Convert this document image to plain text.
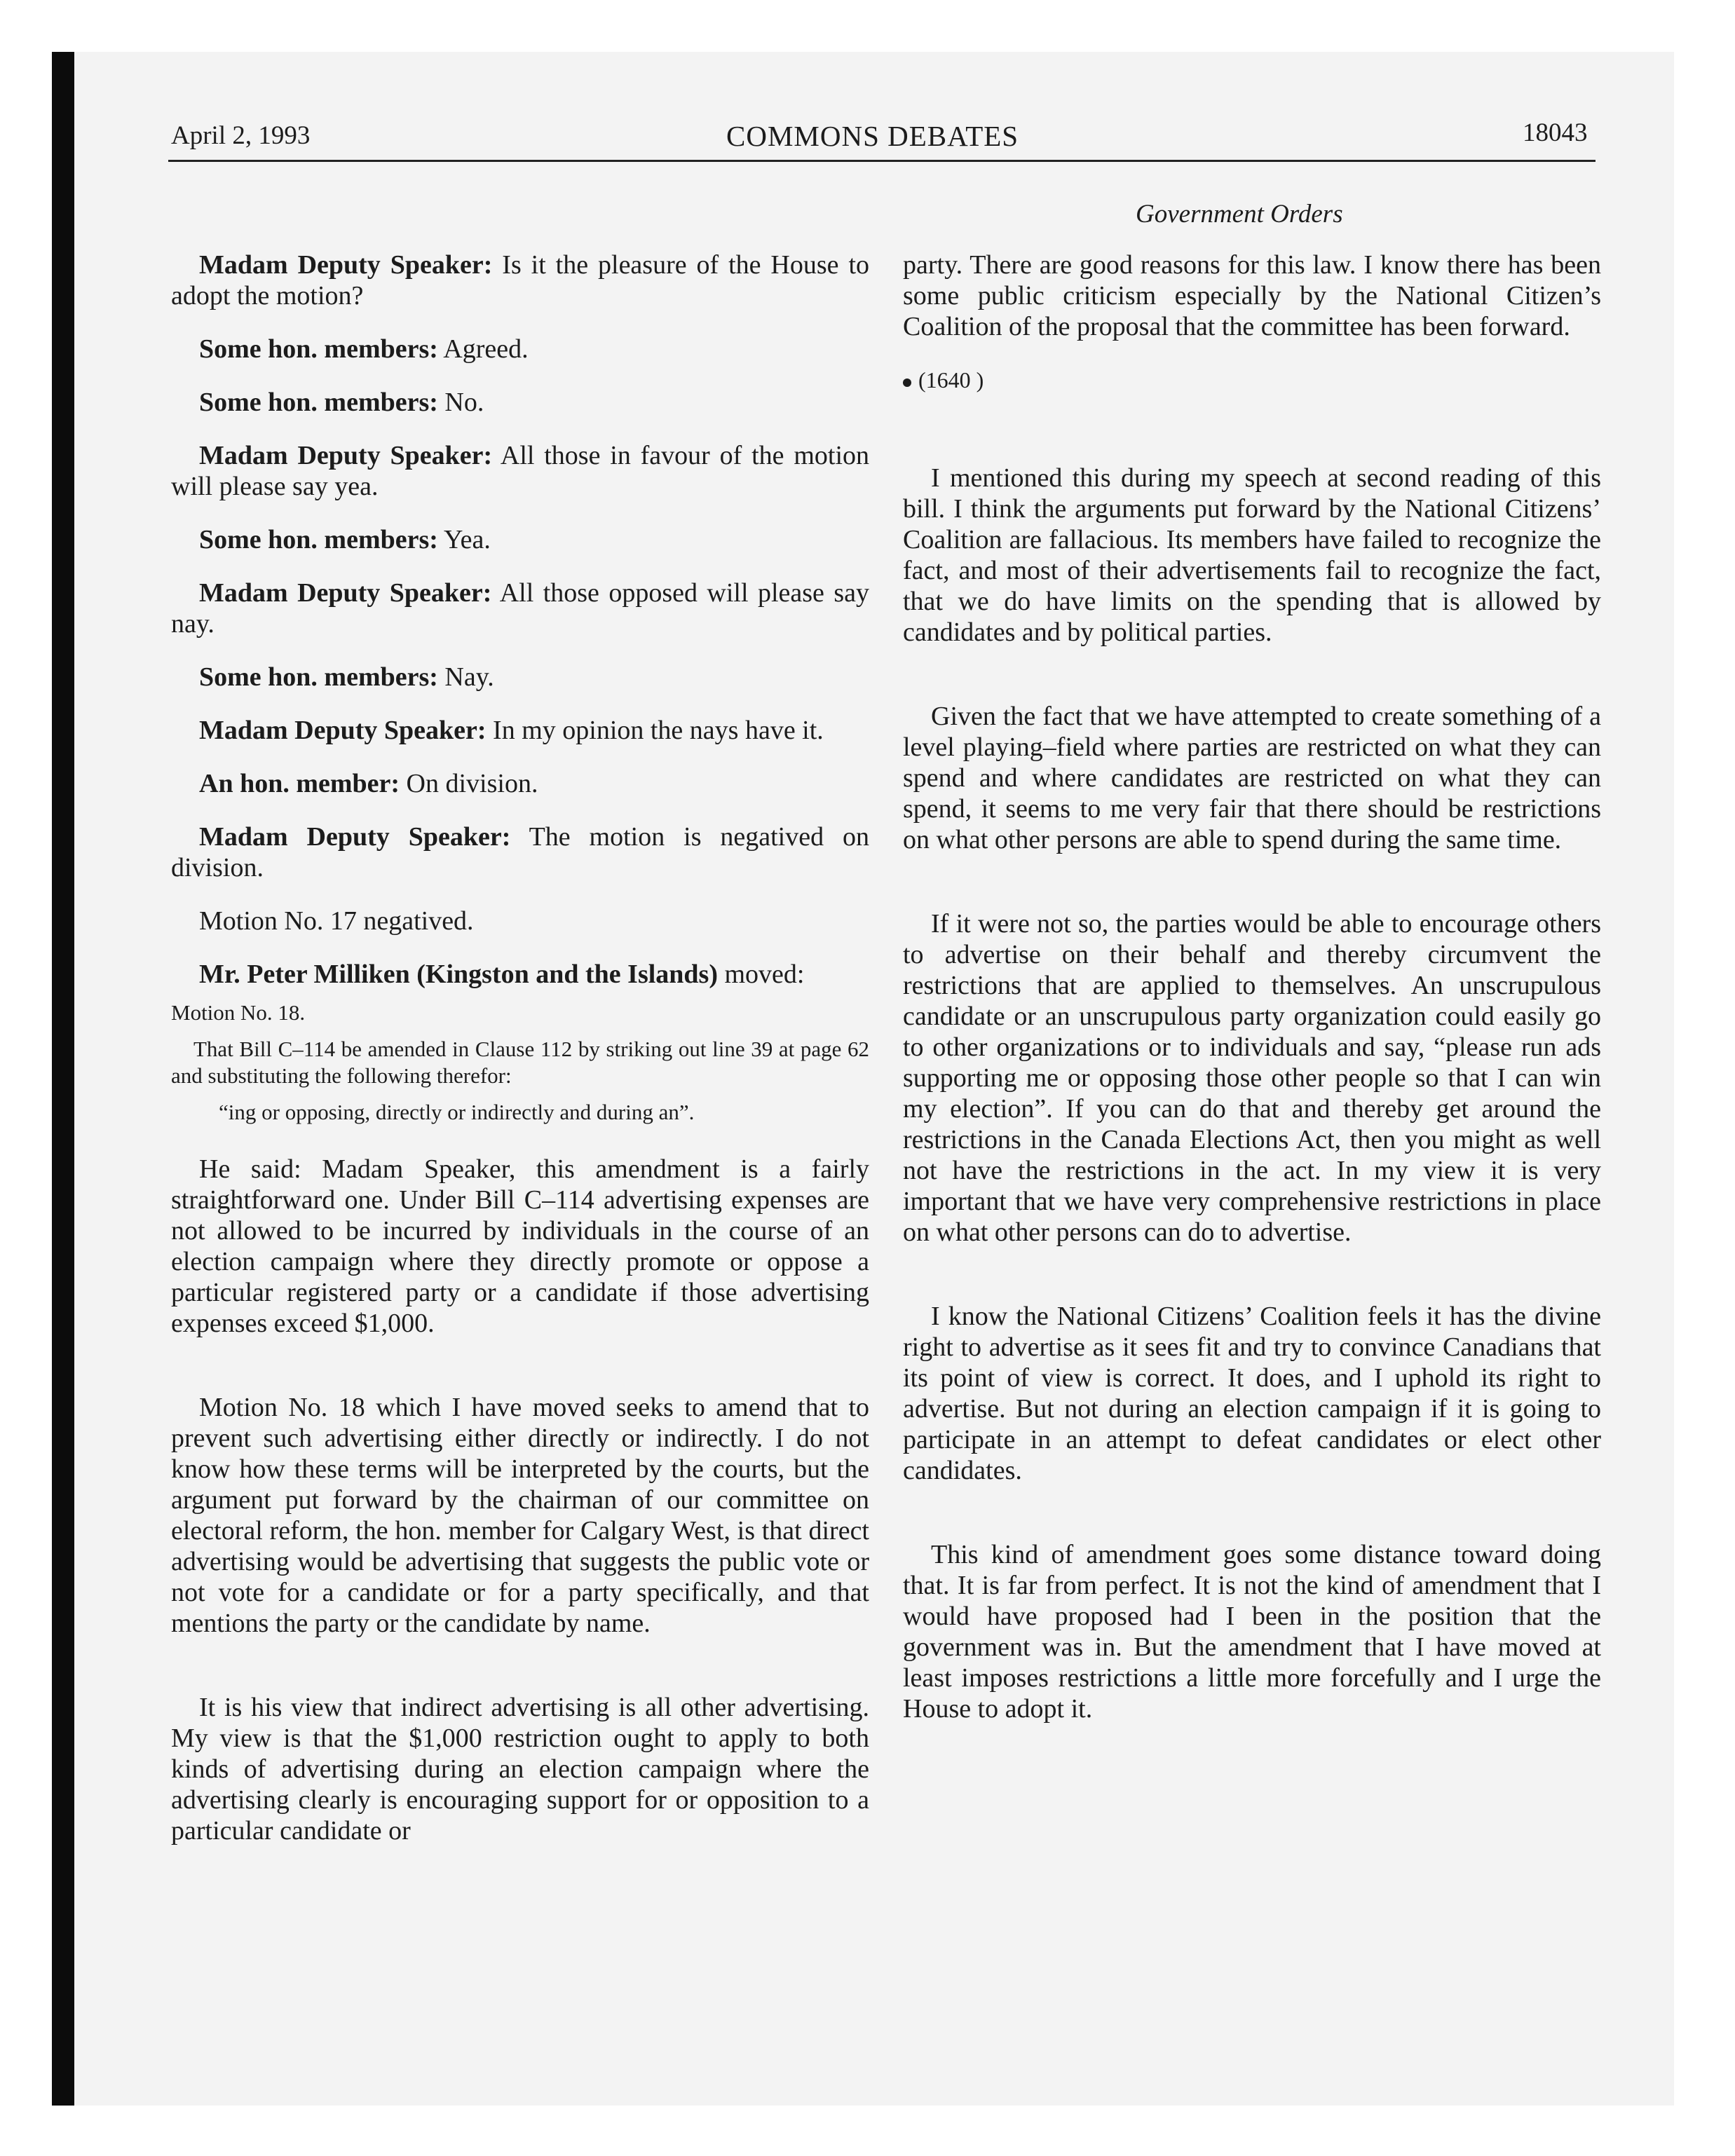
April 2, 1993	COMMONS DEBATES	18043
Government Orders

Madam Deputy Speaker: Is it the pleasure of the House to adopt the motion?

Some hon. members: Agreed.

Some hon. members: No.

Madam Deputy Speaker: All those in favour of the motion will please say yea.

Some hon. members: Yea.

Madam Deputy Speaker: All those opposed will please say nay.

Some hon. members: Nay.

Madam Deputy Speaker: In my opinion the nays have it.

An hon. member: On division.

Madam Deputy Speaker: The motion is negatived on division.

Motion No. 17 negatived.

Mr. Peter Milliken (Kingston and the Islands) moved:

Motion No. 18.

That Bill C–114 be amended in Clause 112 by striking out line 39 at page 62 and substituting the following therefor:

“ing or opposing, directly or indirectly and during an”.

He said: Madam Speaker, this amendment is a fairly straightforward one. Under Bill C–114 advertising expenses are not allowed to be incurred by individuals in the course of an election campaign where they directly promote or oppose a particular registered party or a candidate if those advertising expenses exceed $1,000.

Motion No. 18 which I have moved seeks to amend that to prevent such advertising either directly or indirectly. I do not know how these terms will be interpreted by the courts, but the argument put forward by the chairman of our committee on electoral reform, the hon. member for Calgary West, is that direct advertising would be advertising that suggests the public vote or not vote for a candidate or for a party specifically, and that mentions the party or the candidate by name.

It is his view that indirect advertising is all other advertising. My view is that the $1,000 restriction ought to apply to both kinds of advertising during an election campaign where the advertising clearly is encouraging support for or opposition to a particular candidate or

party. There are good reasons for this law. I know there has been some public criticism especially by the National Citizen’s Coalition of the proposal that the committee has been forward.

(1640 )

I mentioned this during my speech at second reading of this bill. I think the arguments put forward by the National Citizens’ Coalition are fallacious. Its members have failed to recognize the fact, and most of their advertisements fail to recognize the fact, that we do have limits on the spending that is allowed by candidates and by political parties.

Given the fact that we have attempted to create something of a level playing–field where parties are restricted on what they can spend and where candidates are restricted on what they can spend, it seems to me very fair that there should be restrictions on what other persons are able to spend during the same time.

If it were not so, the parties would be able to encourage others to advertise on their behalf and thereby circumvent the restrictions that are applied to themselves. An unscrupulous candidate or an unscrupulous party organization could easily go to other organizations or to individuals and say, “please run ads supporting me or opposing those other people so that I can win my election”. If you can do that and thereby get around the restrictions in the Canada Elections Act, then you might as well not have the restrictions in the act. In my view it is very important that we have very comprehensive restrictions in place on what other persons can do to advertise.

I know the National Citizens’ Coalition feels it has the divine right to advertise as it sees fit and try to convince Canadians that its point of view is correct. It does, and I uphold its right to advertise. But not during an election campaign if it is going to participate in an attempt to defeat candidates or elect other candidates.

This kind of amendment goes some distance toward doing that. It is far from perfect. It is not the kind of amendment that I would have proposed had I been in the position that the government was in. But the amendment that I have moved at least imposes restrictions a little more forcefully and I urge the House to adopt it.
